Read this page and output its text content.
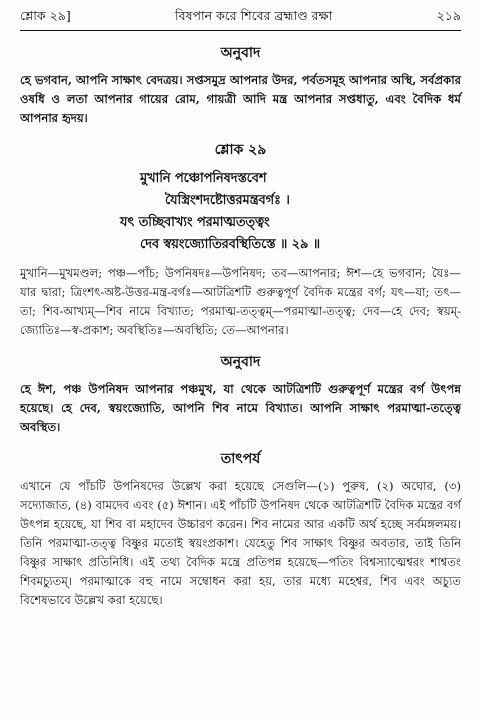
শ্লোক ২৯]	বিষপান করে শিবের ব্রহ্মাণ্ড রক্ষা	২১৯
অনুবাদ

হে ভগবান, আপনি সাক্ষাৎ বেদত্রয়। সপ্তসমুদ্র আপনার উদর, পর্বতসমূহ আপনার অস্থি, সর্বপ্রকার ওষধি ও লতা আপনার গায়ের রোম, গায়ত্রী আদি মন্ত্র আপনার সপ্তধাতু, এবং বৈদিক ধর্ম আপনার হৃদয়।

শ্লোক ২৯
মুখানি পঞ্চোপনিষদস্তবেশ
যৈস্ত্রিংশদষ্টোত্তরমন্ত্রবর্গঃ ।
যৎ তচ্ছিবাখ্যং পরমাত্মতত্ত্বং
দেব স্বয়ংজ্যোতিরবস্থিতিস্তে ॥ ২৯ ॥

মুখানি—মুখমণ্ডল; পঞ্চ—পাঁচ; উপনিষদঃ—উপনিষদ; তব—আপনার; ঈশ—হে ভগবান; যৈঃ—যার দ্বারা; ত্রিংশৎ-অষ্ট-উত্তর-মন্ত্র-বর্গঃ—আটত্রিশটি গুরুত্বপূর্ণ বৈদিক মন্ত্রের বর্গ; যৎ—যা; তৎ—তা; শিব-আখ্যম্—শিব নামে বিখ্যাত; পরমাত্ম-তত্ত্বম্—পরমাত্মা-তত্ত্ব; দেব—হে দেব; স্বয়ম্-জ্যোতিঃ—স্ব-প্রকাশ; অবস্থিতিঃ—অবস্থিতি; তে—আপনার।

অনুবাদ

হে ঈশ, পঞ্চ উপনিষদ আপনার পঞ্চমুখ, যা থেকে আটত্রিশটি গুরুত্বপূর্ণ মন্ত্রের বর্গ উৎপন্ন হয়েছে। হে দেব, স্বয়ংজ্যোতি, আপনি শিব নামে বিখ্যাত। আপনি সাক্ষাৎ পরমাত্মা-তত্ত্বে অবস্থিত।

তাৎপর্য

এখানে যে পাঁচটি উপনিষদের উল্লেখ করা হয়েছে সেগুলি—(১) পুরুষ, (২) অঘোর, (৩) সদ্যোজাত, (৪) বামদেব এবং (৫) ঈশান। এই পাঁচটি উপনিষদ থেকে আটত্রিশটি বৈদিক মন্ত্রের বর্গ উৎপন্ন হয়েছে, যা শিব বা মহাদেব উচ্চারণ করেন। শিব নামের আর একটি অর্থ হচ্ছে সর্বমঙ্গলময়। তিনি পরমাত্মা-তত্ত্ব বিষ্ণুর মতোই স্বয়ংপ্রকাশ। যেহেতু শিব সাক্ষাৎ বিষ্ণুর অবতার, তাই তিনি বিষ্ণুর সাক্ষাৎ প্রতিনিধি। এই তথ্য বৈদিক মন্ত্রে প্রতিপন্ন হয়েছে—পতিং বিশ্বস্যাত্মেশ্বরং শাশ্বতং শিবমচ্যুতম্। পরমাত্মাকে বহু নামে সম্বোধন করা হয়, তার মধ্যে মহেশ্বর, শিব এবং অচ্যুত বিশেষভাবে উল্লেখ করা হয়েছে।
